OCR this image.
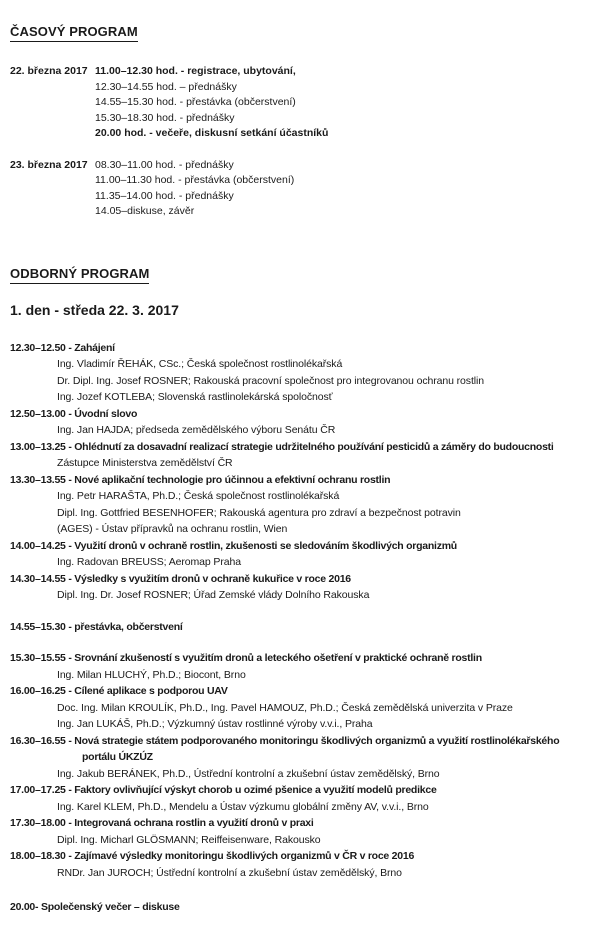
ČASOVÝ PROGRAM
22. března 2017 11.00–12.30 hod. - registrace, ubytování,
12.30–14.55 hod. – přednášky
14.55–15.30 hod. - přestávka (občerstvení)
15.30–18.30 hod. - přednášky
20.00 hod. - večeře, diskusní setkání účastníků
23. března 2017 08.30–11.00 hod. - přednášky
11.00–11.30 hod. - přestávka (občerstvení)
11.35–14.00 hod. - přednášky
14.05–diskuse, závěr
ODBORNÝ PROGRAM
1. den - středa 22. 3. 2017
12.30–12.50 - Zahájení
Ing. Vladimír ŘEHÁK, CSc.; Česká společnost rostlinolékařská
Dr. Dipl. Ing. Josef ROSNER; Rakouská pracovní společnost pro integrovanou ochranu rostlin
Ing. Jozef KOTLEBA; Slovenská rastlinolekárská spoločnosť
12.50–13.00 - Úvodní slovo
Ing. Jan HAJDA; předseda zemědělského výboru Senátu ČR
13.00–13.25 - Ohlédnutí za dosavadní realizací strategie udržitelného používání pesticidů a záměry do budoucnosti
Zástupce Ministerstva zemědělství ČR
13.30–13.55 - Nové aplikační technologie pro účinnou a efektivní ochranu rostlin
Ing. Petr HARAŠTA, Ph.D.; Česká společnost rostlinolékařská
Dipl. Ing. Gottfried BESENHOFER; Rakouská agentura pro zdraví a bezpečnost potravin
(AGES) - Ústav přípravků na ochranu rostlin, Wien
14.00–14.25 - Využití dronů v ochraně rostlin, zkušenosti se sledováním škodlivých organizmů
Ing. Radovan BREUSS; Aeromap Praha
14.30–14.55 - Výsledky s využitím dronů v ochraně kukuřice v roce 2016
Dipl. Ing. Dr. Josef ROSNER; Úřad Zemské vlády Dolního Rakouska
14.55–15.30 - přestávka, občerstvení
15.30–15.55 - Srovnání zkušeností s využitím dronů a leteckého ošetření v praktické ochraně rostlin
Ing. Milan HLUCHÝ, Ph.D.; Biocont, Brno
16.00–16.25 - Cílené aplikace s podporou UAV
Doc. Ing. Milan KROULÍK, Ph.D., Ing. Pavel HAMOUZ, Ph.D.; Česká zemědělská univerzita v Praze
Ing. Jan LUKÁŠ, Ph.D.; Výzkumný ústav rostlinné výroby v.v.i., Praha
16.30–16.55 - Nová strategie státem podporovaného monitoringu škodlivých organizmů a využití rostlinolékařského
portálu ÚKZÚZ
Ing. Jakub BERÁNEK, Ph.D., Ústřední kontrolní a zkušební ústav zemědělský, Brno
17.00–17.25 - Faktory ovlivňující výskyt chorob u ozimé pšenice a využití modelů predikce
Ing. Karel KLEM, Ph.D., Mendelu a Ústav výzkumu globální změny AV, v.v.i., Brno
17.30–18.00 - Integrovaná ochrana rostlin a využití dronů v praxi
Dipl. Ing. Micharl GLÖSMANN; Reiffeisenware, Rakousko
18.00–18.30 - Zajímavé výsledky monitoringu škodlivých organizmů v ČR v roce 2016
RNDr. Jan JUROCH; Ústřední kontrolní a zkušební ústav zemědělský, Brno
20.00- Společenský večer – diskuse
